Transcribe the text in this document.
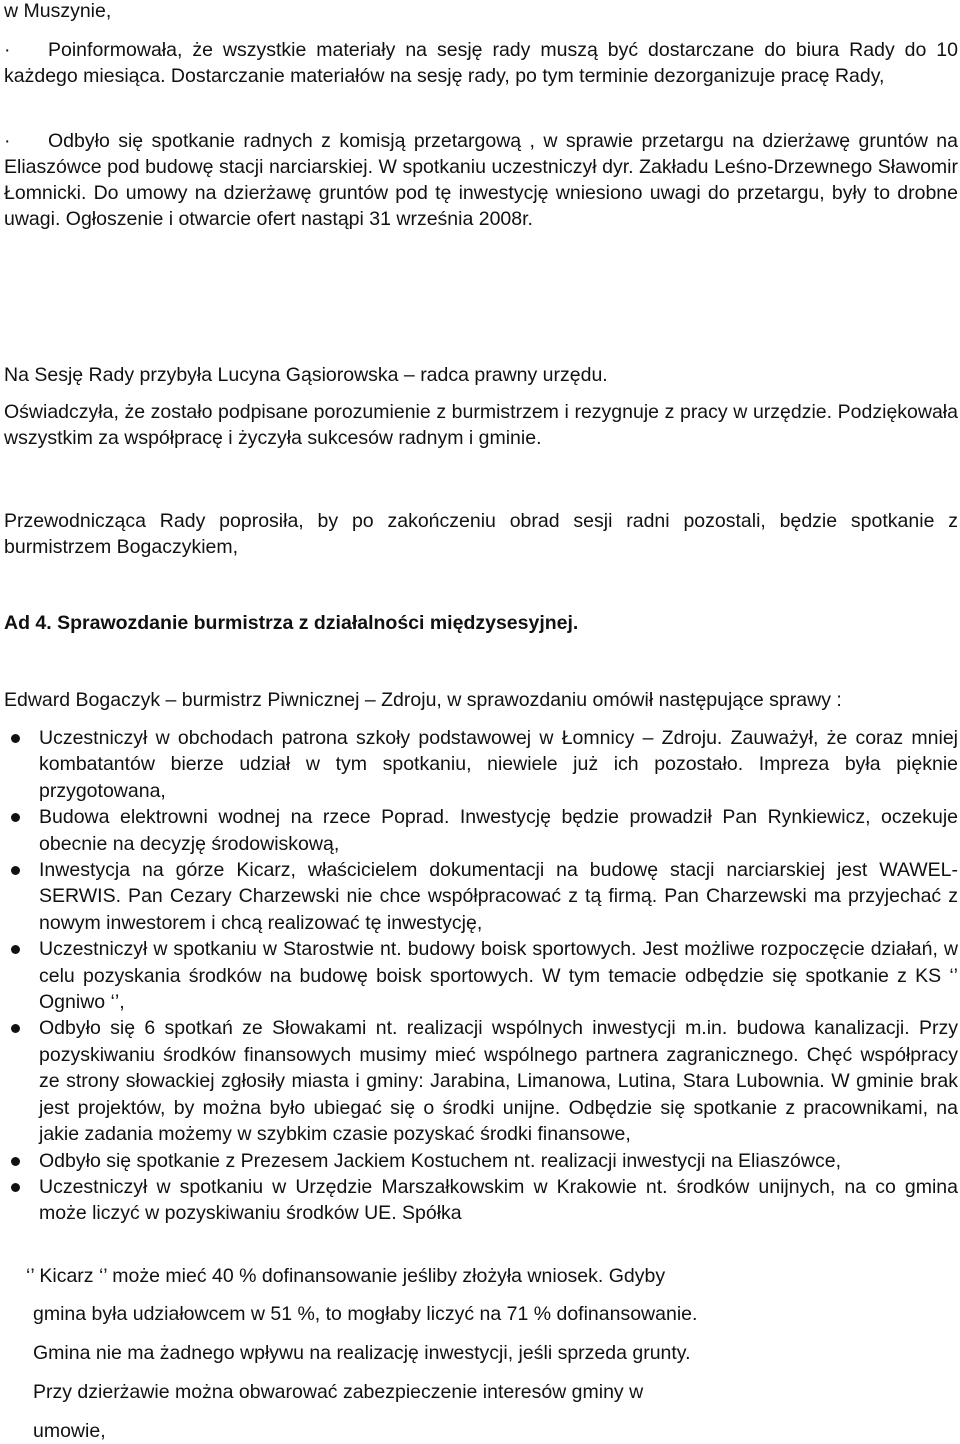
w Muszynie,

· Poinformowała, że wszystkie materiały na sesję rady muszą być dostarczane do biura Rady do 10 każdego miesiąca. Dostarczanie materiałów na sesję rady, po tym terminie dezorganizuje pracę Rady,

· Odbyło się spotkanie radnych z komisją przetargową , w sprawie przetargu na dzierżawę gruntów na Eliaszówce pod budowę stacji narciarskiej. W spotkaniu uczestniczył dyr. Zakładu Leśno-Drzewnego Sławomir Łomnicki. Do umowy na dzierżawę gruntów pod tę inwestycję wniesiono uwagi do przetargu, były to drobne uwagi. Ogłoszenie i otwarcie ofert nastąpi 31 września 2008r.

Na Sesję Rady przybyła Lucyna Gąsiorowska – radca prawny urzędu.

Oświadczyła, że zostało podpisane porozumienie z burmistrzem i rezygnuje z pracy w urzędzie. Podziękowała wszystkim za współpracę i życzyła sukcesów radnym i gminie.

Przewodnicząca Rady poprosiła, by po zakończeniu obrad sesji radni pozostali, będzie spotkanie z burmistrzem Bogaczykiem,

Ad 4. Sprawozdanie burmistrza z działalności międzysesyjnej.

Edward Bogaczyk – burmistrz Piwnicznej – Zdroju, w sprawozdaniu omówił następujące sprawy :

Uczestniczył w obchodach patrona szkoły podstawowej w Łomnicy – Zdroju. Zauważył, że coraz mniej kombatantów bierze udział w tym spotkaniu, niewiele już ich pozostało. Impreza była pięknie przygotowana,
Budowa elektrowni wodnej na rzece Poprad. Inwestycję będzie prowadził Pan Rynkiewicz, oczekuje obecnie na decyzję środowiskową,
Inwestycja na górze Kicarz, właścicielem dokumentacji na budowę stacji narciarskiej jest WAWEL-SERWIS. Pan Cezary Charzewski nie chce współpracować z tą firmą. Pan Charzewski ma przyjechać z nowym inwestorem i chcą realizować tę inwestycję,
Uczestniczył w spotkaniu w Starostwie nt. budowy boisk sportowych. Jest możliwe rozpoczęcie działań, w celu pozyskania środków na budowę boisk sportowych. W tym temacie odbędzie się spotkanie z KS ‘’ Ogniwo ‘’,
Odbyło się 6 spotkań ze Słowakami nt. realizacji wspólnych inwestycji m.in. budowa kanalizacji. Przy pozyskiwaniu środków finansowych musimy mieć wspólnego partnera zagranicznego. Chęć współpracy ze strony słowackiej zgłosiły miasta i gminy: Jarabina, Limanowa, Lutina, Stara Lubownia. W gminie brak jest projektów, by można było ubiegać się o środki unijne. Odbędzie się spotkanie z pracownikami, na jakie zadania możemy w szybkim czasie pozyskać środki finansowe,
Odbyło się spotkanie z Prezesem Jackiem Kostuchem nt. realizacji inwestycji na Eliaszówce,
Uczestniczył w spotkaniu w Urzędzie Marszałkowskim w Krakowie nt. środków unijnych, na co gmina może liczyć w pozyskiwaniu środków UE. Spółka

‘’ Kicarz ‘’ może mieć 40 % dofinansowanie jeśliby złożyła wniosek. Gdyby

gmina była udziałowcem w 51 %, to mogłaby liczyć na 71 % dofinansowanie.

Gmina nie ma żadnego wpływu na realizację inwestycji, jeśli sprzeda grunty.

Przy dzierżawie można obwarować zabezpieczenie interesów gminy w

umowie,
